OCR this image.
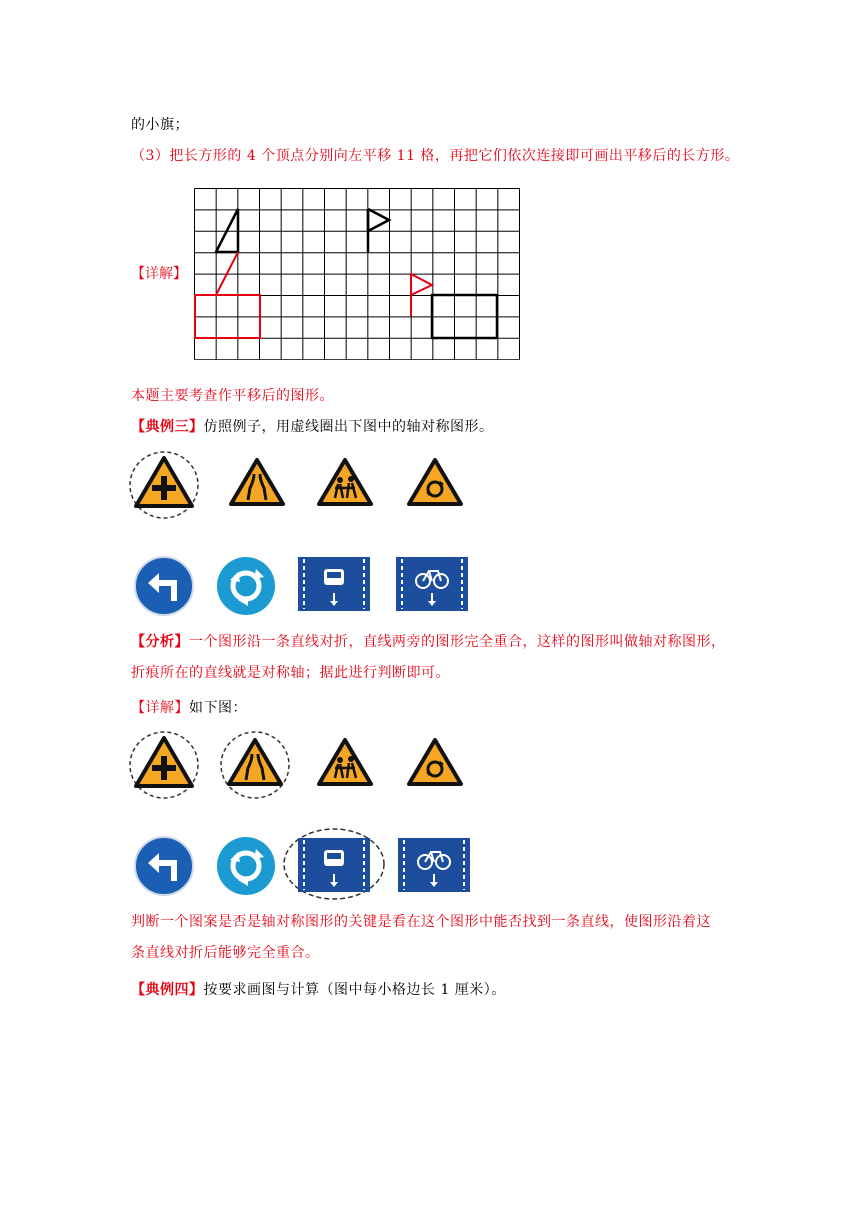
的小旗；
（3）把长方形的 4 个顶点分别向左平移 11 格，再把它们依次连接即可画出平移后的长方形。
【详解】
本题主要考查作平移后的图形。
【典例三】仿照例子，用虚线圈出下图中的轴对称图形。
【分析】一个图形沿一条直线对折，直线两旁的图形完全重合，这样的图形叫做轴对称图形，
折痕所在的直线就是对称轴；据此进行判断即可。
【详解】如下图：
判断一个图案是否是轴对称图形的关键是看在这个图形中能否找到一条直线，使图形沿着这
条直线对折后能够完全重合。
【典例四】按要求画图与计算（图中每小格边长 1 厘米）。
